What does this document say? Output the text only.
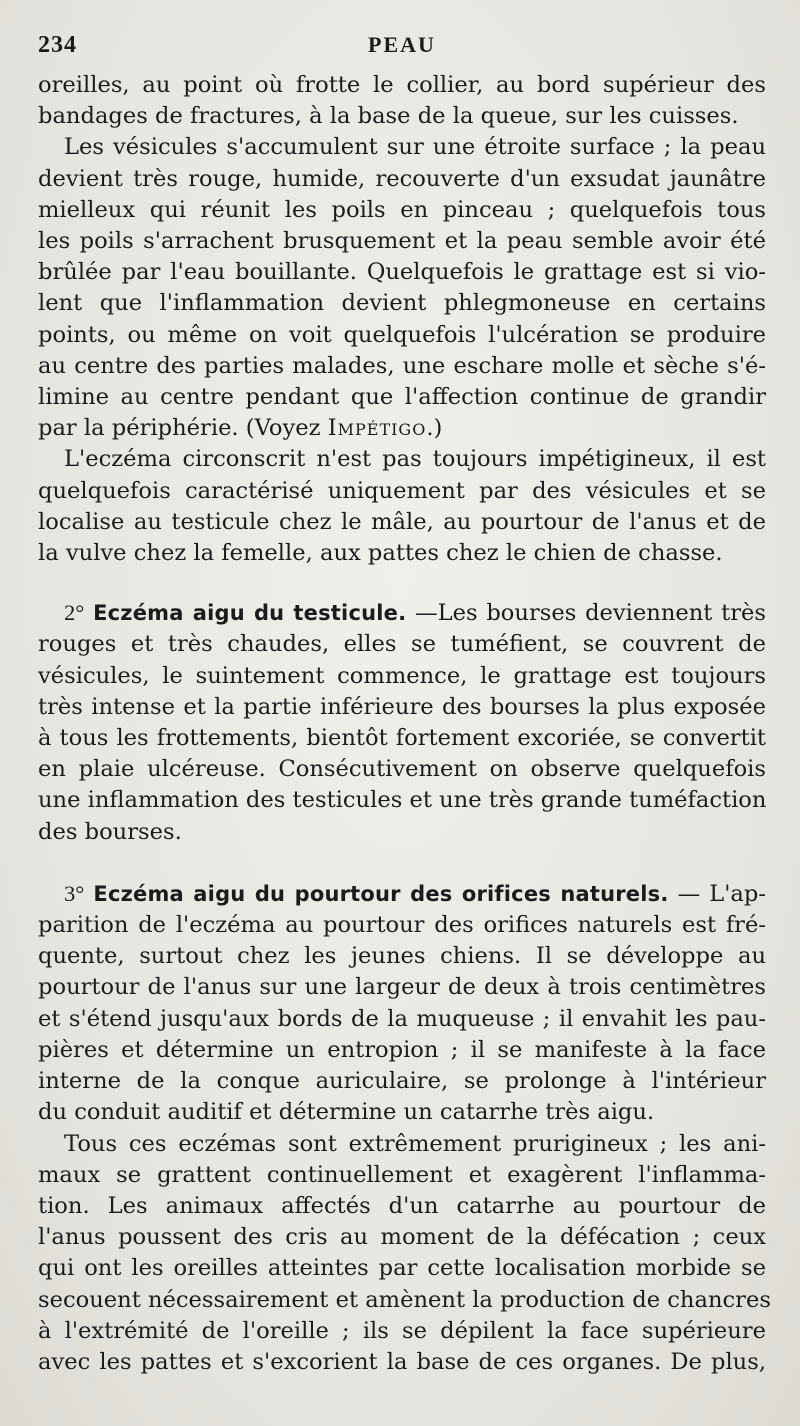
234	PEAU
oreilles, au point où frotte le collier, au bord supérieur des
bandages de fractures, à la base de la queue, sur les cuisses.
Les vésicules s'accumulent sur une étroite surface ; la peau
devient très rouge, humide, recouverte d'un exsudat jaunâtre
mielleux qui réunit les poils en pinceau ; quelquefois tous
les poils s'arrachent brusquement et la peau semble avoir été
brûlée par l'eau bouillante. Quelquefois le grattage est si vio-
lent que l'inflammation devient phlegmoneuse en certains
points, ou même on voit quelquefois l'ulcération se produire
au centre des parties malades, une eschare molle et sèche s'é-
limine au centre pendant que l'affection continue de grandir
par la périphérie. (Voyez Impétigo.)
L'eczéma circonscrit n'est pas toujours impétigineux, il est
quelquefois caractérisé uniquement par des vésicules et se
localise au testicule chez le mâle, au pourtour de l'anus et de
la vulve chez la femelle, aux pattes chez le chien de chasse.
2° Eczéma aigu du testicule. —Les bourses deviennent très
rouges et très chaudes, elles se tuméfient, se couvrent de
vésicules, le suintement commence, le grattage est toujours
très intense et la partie inférieure des bourses la plus exposée
à tous les frottements, bientôt fortement excoriée, se convertit
en plaie ulcéreuse. Consécutivement on observe quelquefois
une inflammation des testicules et une très grande tuméfaction
des bourses.
3° Eczéma aigu du pourtour des orifices naturels. — L'ap-
parition de l'eczéma au pourtour des orifices naturels est fré-
quente, surtout chez les jeunes chiens. Il se développe au
pourtour de l'anus sur une largeur de deux à trois centimètres
et s'étend jusqu'aux bords de la muqueuse ; il envahit les pau-
pières et détermine un entropion ; il se manifeste à la face
interne de la conque auriculaire, se prolonge à l'intérieur
du conduit auditif et détermine un catarrhe très aigu.
Tous ces eczémas sont extrêmement prurigineux ; les ani-
maux se grattent continuellement et exagèrent l'inflamma-
tion. Les animaux affectés d'un catarrhe au pourtour de
l'anus poussent des cris au moment de la défécation ; ceux
qui ont les oreilles atteintes par cette localisation morbide se
secouent nécessairement et amènent la production de chancres
à l'extrémité de l'oreille ; ils se dépilent la face supérieure
avec les pattes et s'excorient la base de ces organes. De plus,
